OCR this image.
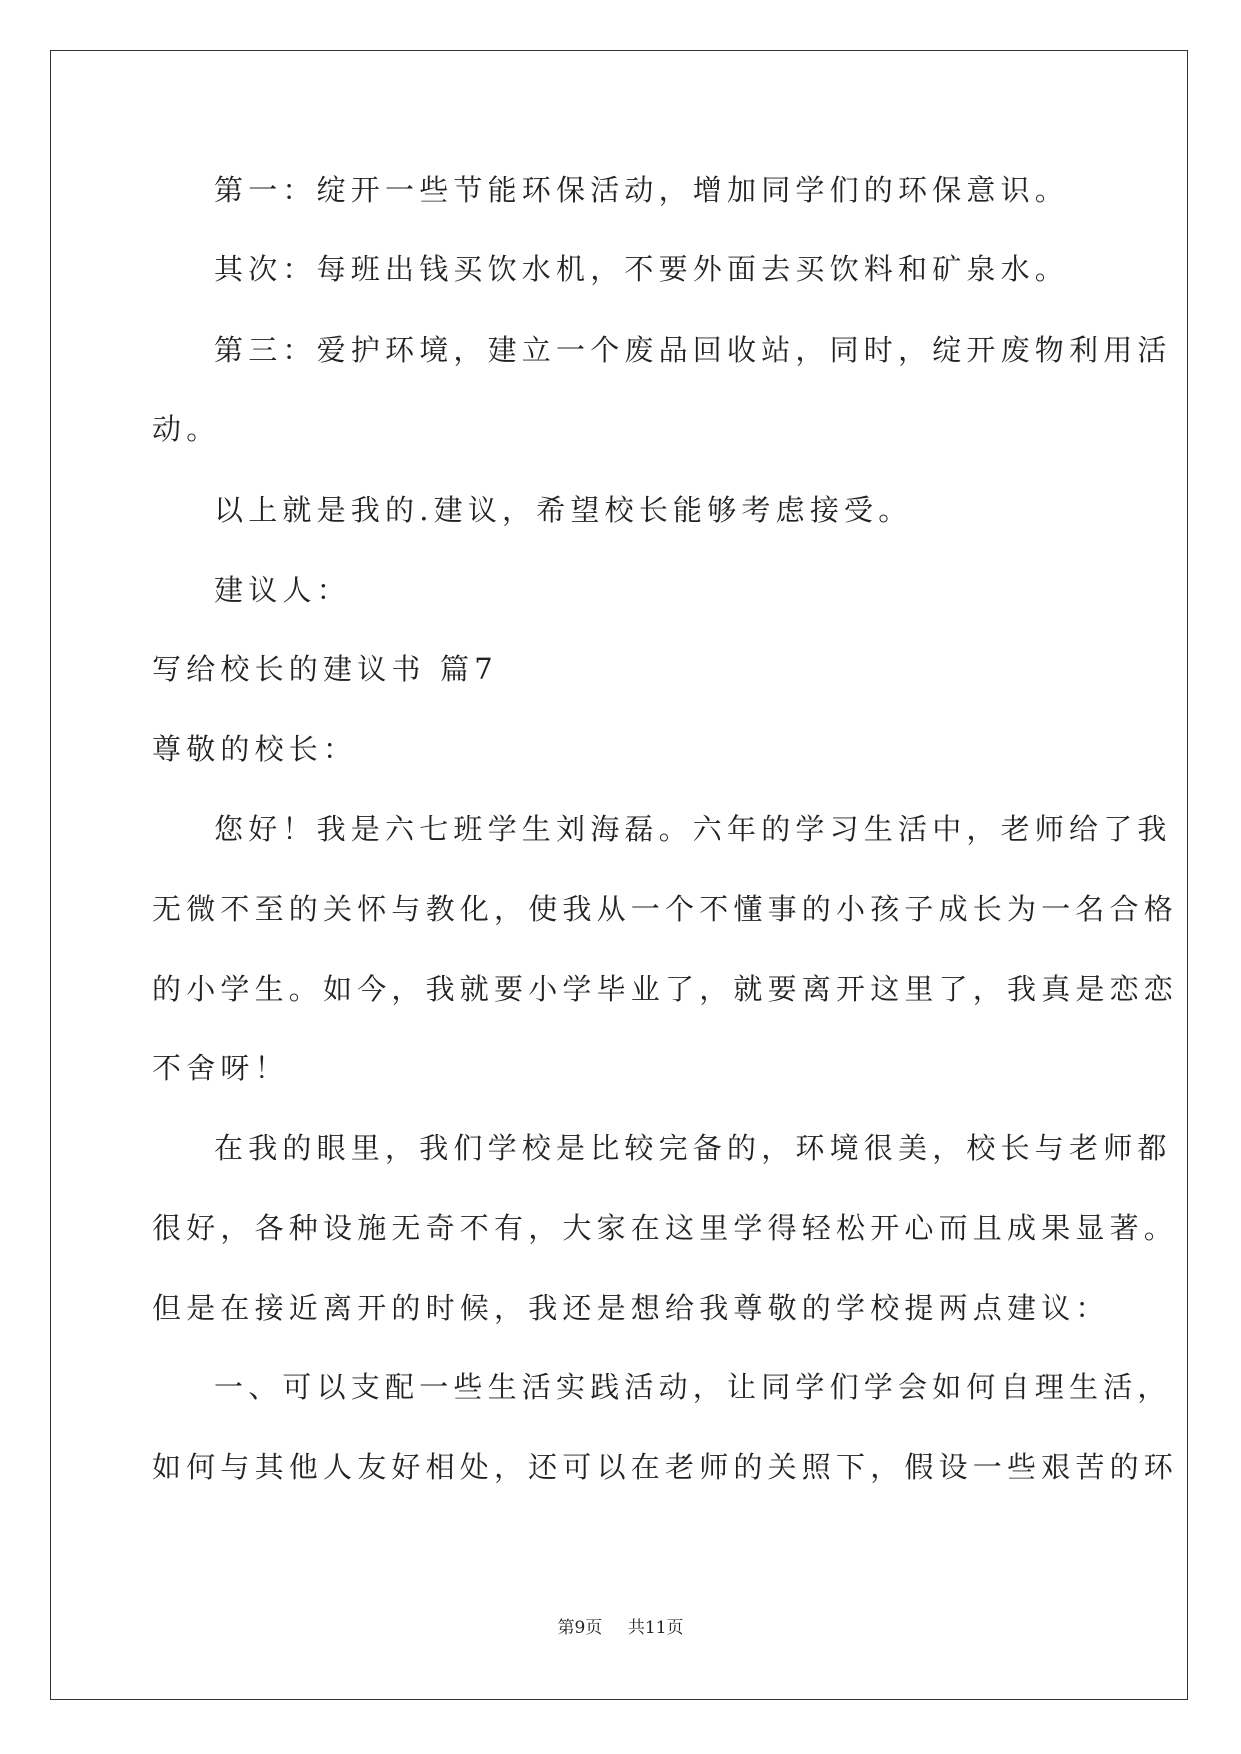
第一：绽开一些节能环保活动，增加同学们的环保意识。
其次：每班出钱买饮水机，不要外面去买饮料和矿泉水。
第三：爱护环境，建立一个废品回收站，同时，绽开废物利用活
动。
以上就是我的.建议，希望校长能够考虑接受。
建议人：
写给校长的建议书 篇7
尊敬的校长：
您好！我是六七班学生刘海磊。六年的学习生活中，老师给了我
无微不至的关怀与教化，使我从一个不懂事的小孩子成长为一名合格
的小学生。如今，我就要小学毕业了，就要离开这里了，我真是恋恋
不舍呀！
在我的眼里，我们学校是比较完备的，环境很美，校长与老师都
很好，各种设施无奇不有，大家在这里学得轻松开心而且成果显著。
但是在接近离开的时候，我还是想给我尊敬的学校提两点建议：
一、可以支配一些生活实践活动，让同学们学会如何自理生活，
如何与其他人友好相处，还可以在老师的关照下，假设一些艰苦的环
第9页 共11页
